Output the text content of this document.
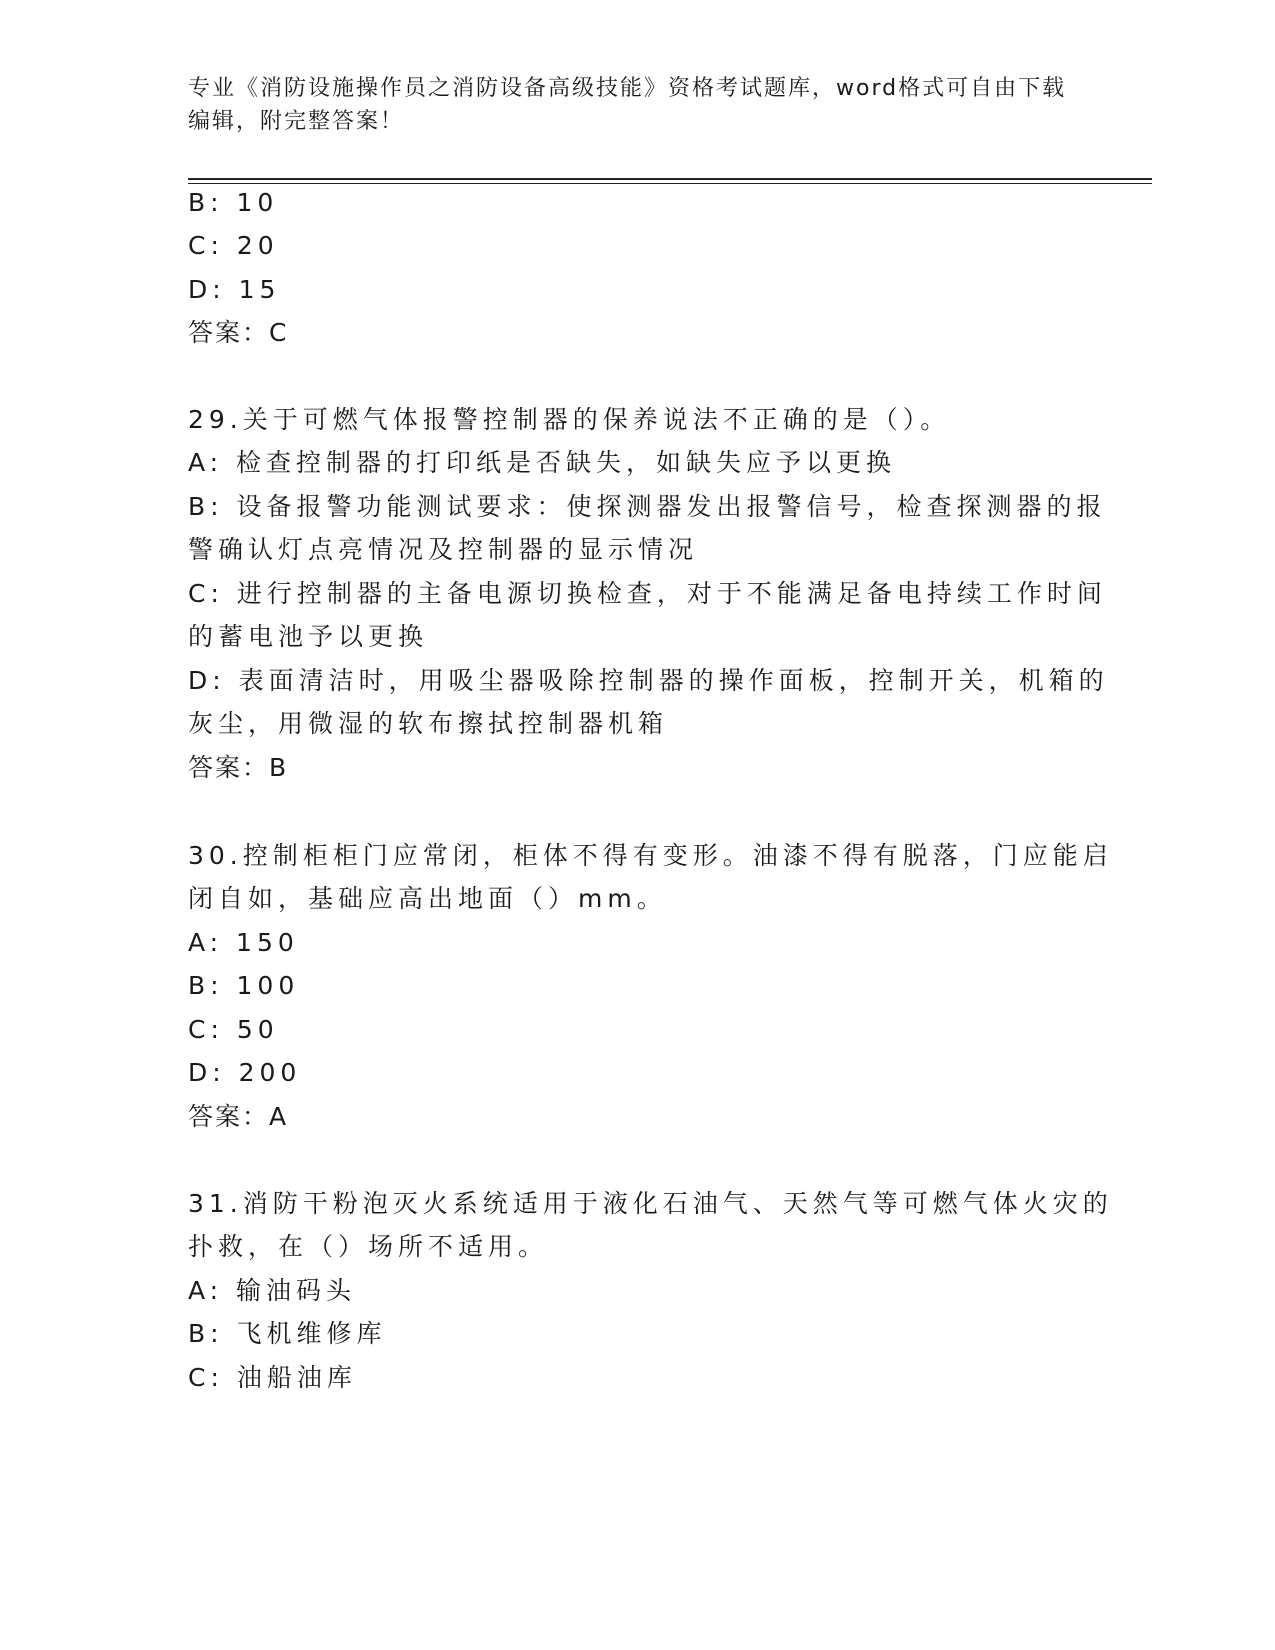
专业《消防设施操作员之消防设备高级技能》资格考试题库，word格式可自由下载编辑，附完整答案！
B: 10
C: 20
D: 15
答案：C
29.关于可燃气体报警控制器的保养说法不正确的是（）。
A: 检查控制器的打印纸是否缺失，如缺失应予以更换
B: 设备报警功能测试要求：使探测器发出报警信号，检查探测器的报
警确认灯点亮情况及控制器的显示情况
C: 进行控制器的主备电源切换检查，对于不能满足备电持续工作时间
的蓄电池予以更换
D: 表面清洁时，用吸尘器吸除控制器的操作面板，控制开关，机箱的
灰尘，用微湿的软布擦拭控制器机箱
答案：B
30.控制柜柜门应常闭，柜体不得有变形。油漆不得有脱落，门应能启
闭自如，基础应高出地面（）mm。
A: 150
B: 100
C: 50
D: 200
答案：A
31.消防干粉泡灭火系统适用于液化石油气、天然气等可燃气体火灾的
扑救，在（）场所不适用。
A: 输油码头
B: 飞机维修库
C: 油船油库
